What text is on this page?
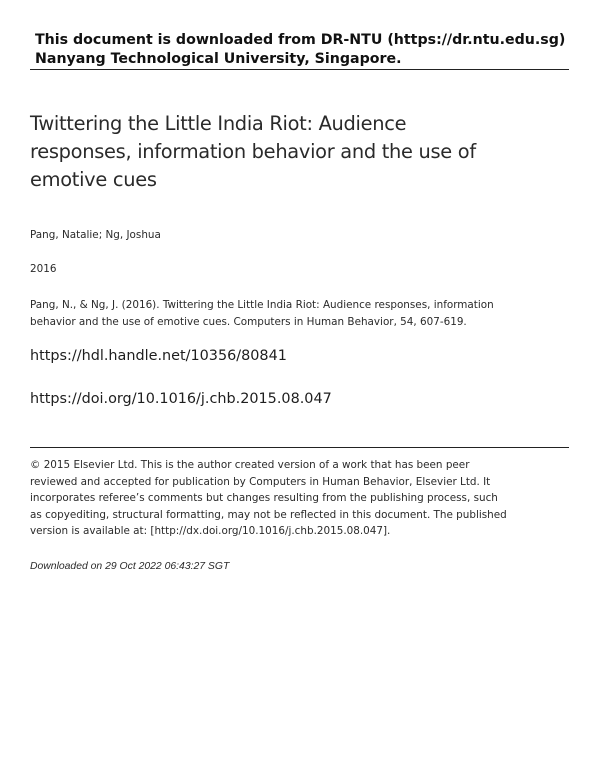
This document is downloaded from DR-NTU (https://dr.ntu.edu.sg)
Nanyang Technological University, Singapore.
Twittering the Little India Riot: Audience
responses, information behavior and the use of
emotive cues
Pang, Natalie; Ng, Joshua
2016
Pang, N., & Ng, J. (2016). Twittering the Little India Riot: Audience responses, information
behavior and the use of emotive cues. Computers in Human Behavior, 54, 607-619.
https://hdl.handle.net/10356/80841
https://doi.org/10.1016/j.chb.2015.08.047
© 2015 Elsevier Ltd. This is the author created version of a work that has been peer
reviewed and accepted for publication by Computers in Human Behavior, Elsevier Ltd. It
incorporates referee’s comments but changes resulting from the publishing process, such
as copyediting, structural formatting, may not be reflected in this document. The published
version is available at: [http://dx.doi.org/10.1016/j.chb.2015.08.047].
Downloaded on 29 Oct 2022 06:43:27 SGT
